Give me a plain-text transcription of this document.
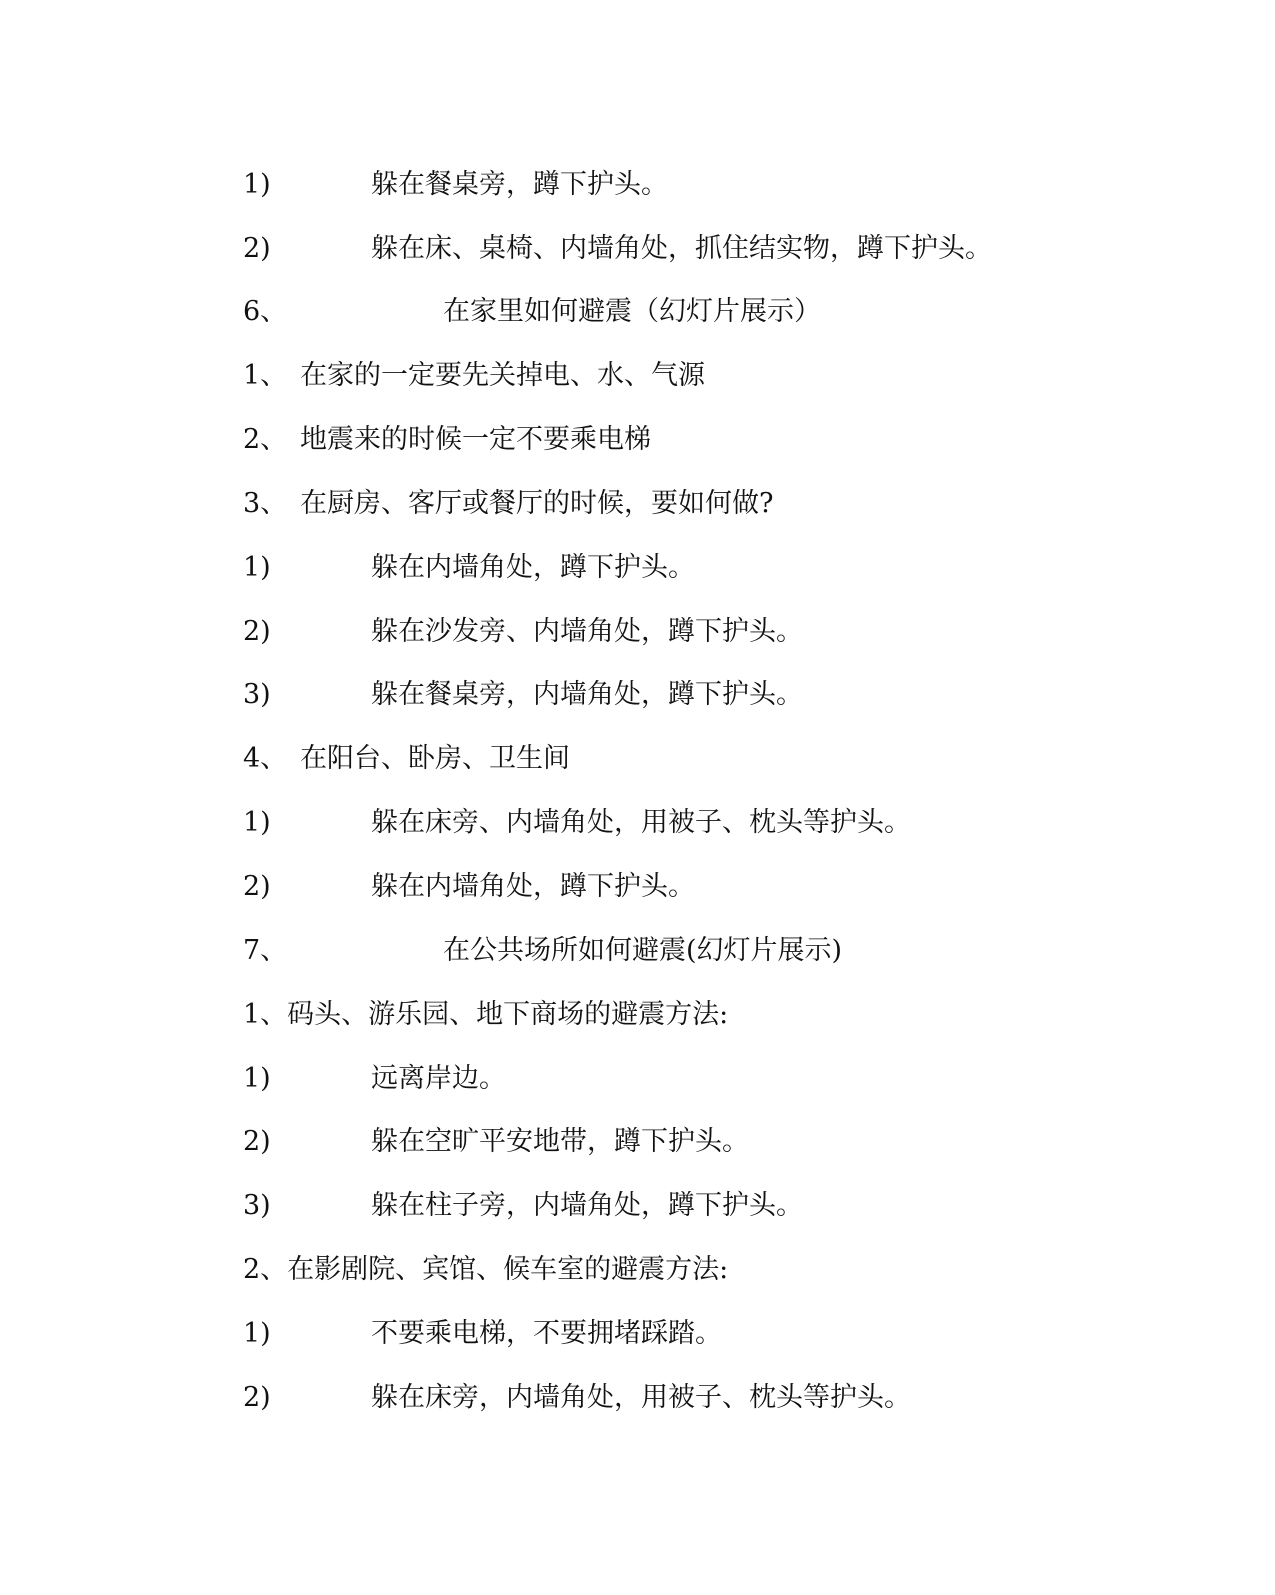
1)	躲在餐桌旁，蹲下护头。
2)	躲在床、桌椅、内墙角处，抓住结实物，蹲下护头。
6、	在家里如何避震（幻灯片展示）
1、 在家的一定要先关掉电、水、气源
2、 地震来的时候一定不要乘电梯
3、 在厨房、客厅或餐厅的时候，要如何做?
1)	躲在内墙角处，蹲下护头。
2)	躲在沙发旁、内墙角处，蹲下护头。
3)	躲在餐桌旁，内墙角处，蹲下护头。
4、 在阳台、卧房、卫生间
1)	躲在床旁、内墙角处，用被子、枕头等护头。
2)	躲在内墙角处，蹲下护头。
7、	在公共场所如何避震(幻灯片展示)
1、码头、游乐园、地下商场的避震方法:
1)	远离岸边。
2)	躲在空旷平安地带，蹲下护头。
3)	躲在柱子旁，内墙角处，蹲下护头。
2、在影剧院、宾馆、候车室的避震方法:
1)	不要乘电梯，不要拥堵踩踏。
2)	躲在床旁，内墙角处，用被子、枕头等护头。
